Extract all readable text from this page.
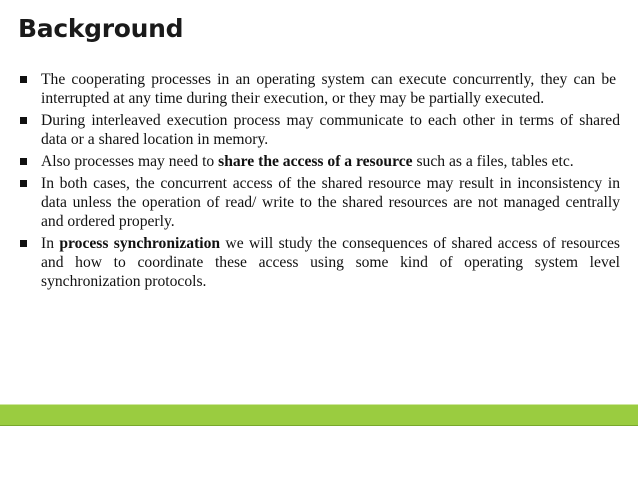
Background
The cooperating processes in an operating system can execute concurrently, they can be  interrupted at any time during their execution, or they may be partially executed.
During interleaved execution process may communicate to each other in terms of shared data or a shared location in memory.
Also processes may need to share the access of a resource such as a files, tables etc.
In both cases, the concurrent access of the shared resource may result in inconsistency in data unless the operation of read/ write to the shared resources are not managed centrally and ordered properly.
In process synchronization we will study the consequences of shared access of resources and how to coordinate these access using some kind of operating system level synchronization protocols.
